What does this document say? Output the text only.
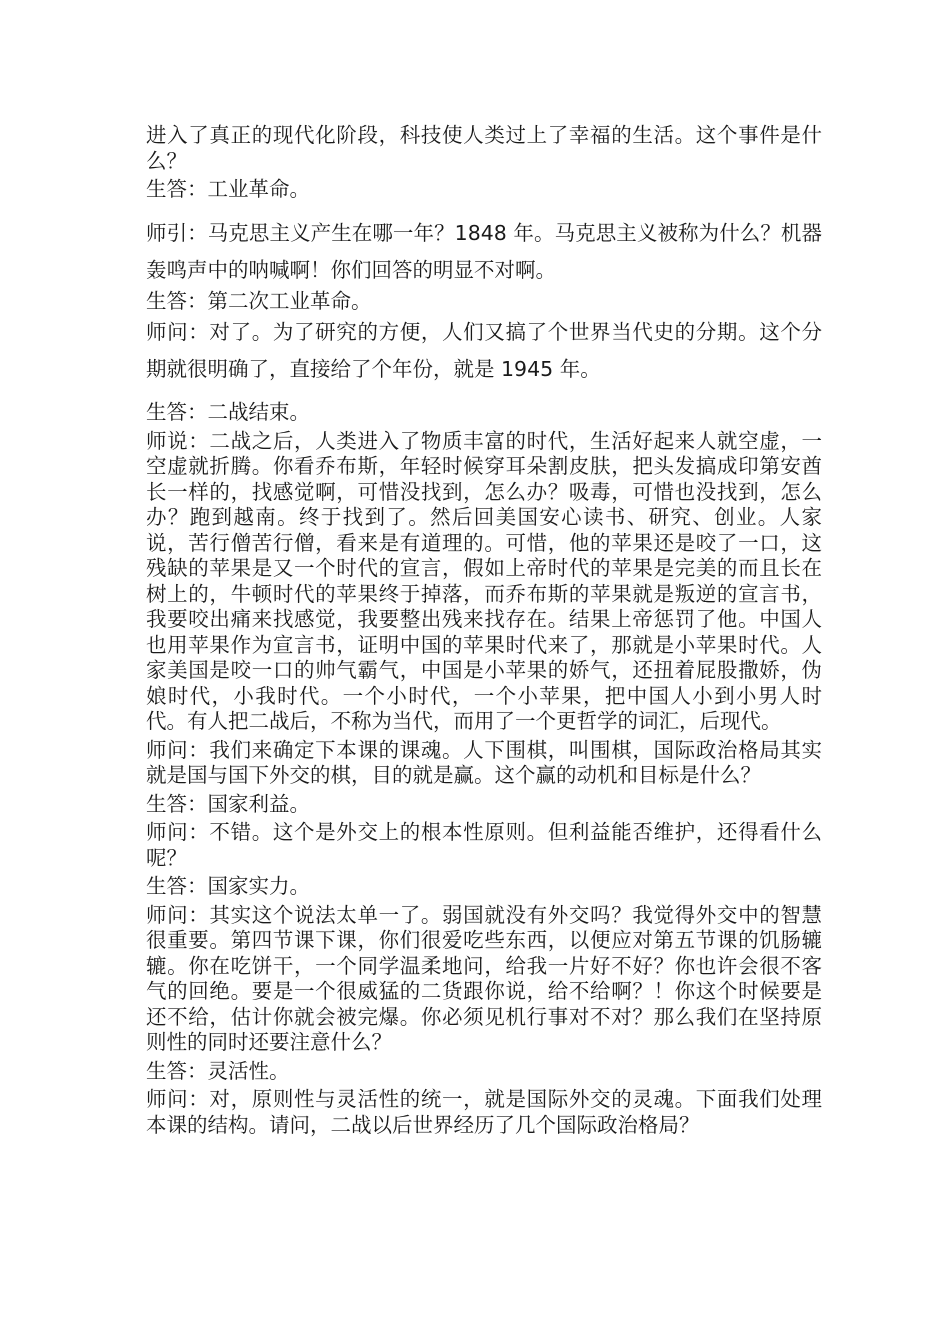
进入了真正的现代化阶段，科技使人类过上了幸福的生活。这个事件是什么？

生答：工业革命。

师引：马克思主义产生在哪一年？1848 年。马克思主义被称为什么？机器轰鸣声中的呐喊啊！你们回答的明显不对啊。

生答：第二次工业革命。

师问：对了。为了研究的方便，人们又搞了个世界当代史的分期。这个分期就很明确了，直接给了个年份，就是 1945 年。

生答：二战结束。

师说：二战之后，人类进入了物质丰富的时代，生活好起来人就空虚，一空虚就折腾。你看乔布斯，年轻时候穿耳朵割皮肤，把头发搞成印第安酋长一样的，找感觉啊，可惜没找到，怎么办？吸毒，可惜也没找到，怎么办？跑到越南。终于找到了。然后回美国安心读书、研究、创业。人家说，苦行僧苦行僧，看来是有道理的。可惜，他的苹果还是咬了一口，这残缺的苹果是又一个时代的宣言，假如上帝时代的苹果是完美的而且长在树上的，牛顿时代的苹果终于掉落，而乔布斯的苹果就是叛逆的宣言书，我要咬出痛来找感觉，我要整出残来找存在。结果上帝惩罚了他。中国人也用苹果作为宣言书，证明中国的苹果时代来了，那就是小苹果时代。人家美国是咬一口的帅气霸气，中国是小苹果的娇气，还扭着屁股撒娇，伪娘时代，小我时代。一个小时代，一个小苹果，把中国人小到小男人时代。有人把二战后，不称为当代，而用了一个更哲学的词汇，后现代。

师问：我们来确定下本课的课魂。人下围棋，叫围棋，国际政治格局其实就是国与国下外交的棋，目的就是赢。这个赢的动机和目标是什么？

生答：国家利益。

师问：不错。这个是外交上的根本性原则。但利益能否维护，还得看什么呢？

生答：国家实力。

师问：其实这个说法太单一了。弱国就没有外交吗？我觉得外交中的智慧很重要。第四节课下课，你们很爱吃些东西，以便应对第五节课的饥肠辘辘。你在吃饼干，一个同学温柔地问，给我一片好不好？你也许会很不客气的回绝。要是一个很威猛的二货跟你说，给不给啊？！你这个时候要是还不给，估计你就会被完爆。你必须见机行事对不对？那么我们在坚持原则性的同时还要注意什么？

生答：灵活性。

师问：对，原则性与灵活性的统一，就是国际外交的灵魂。下面我们处理本课的结构。请问，二战以后世界经历了几个国际政治格局？
